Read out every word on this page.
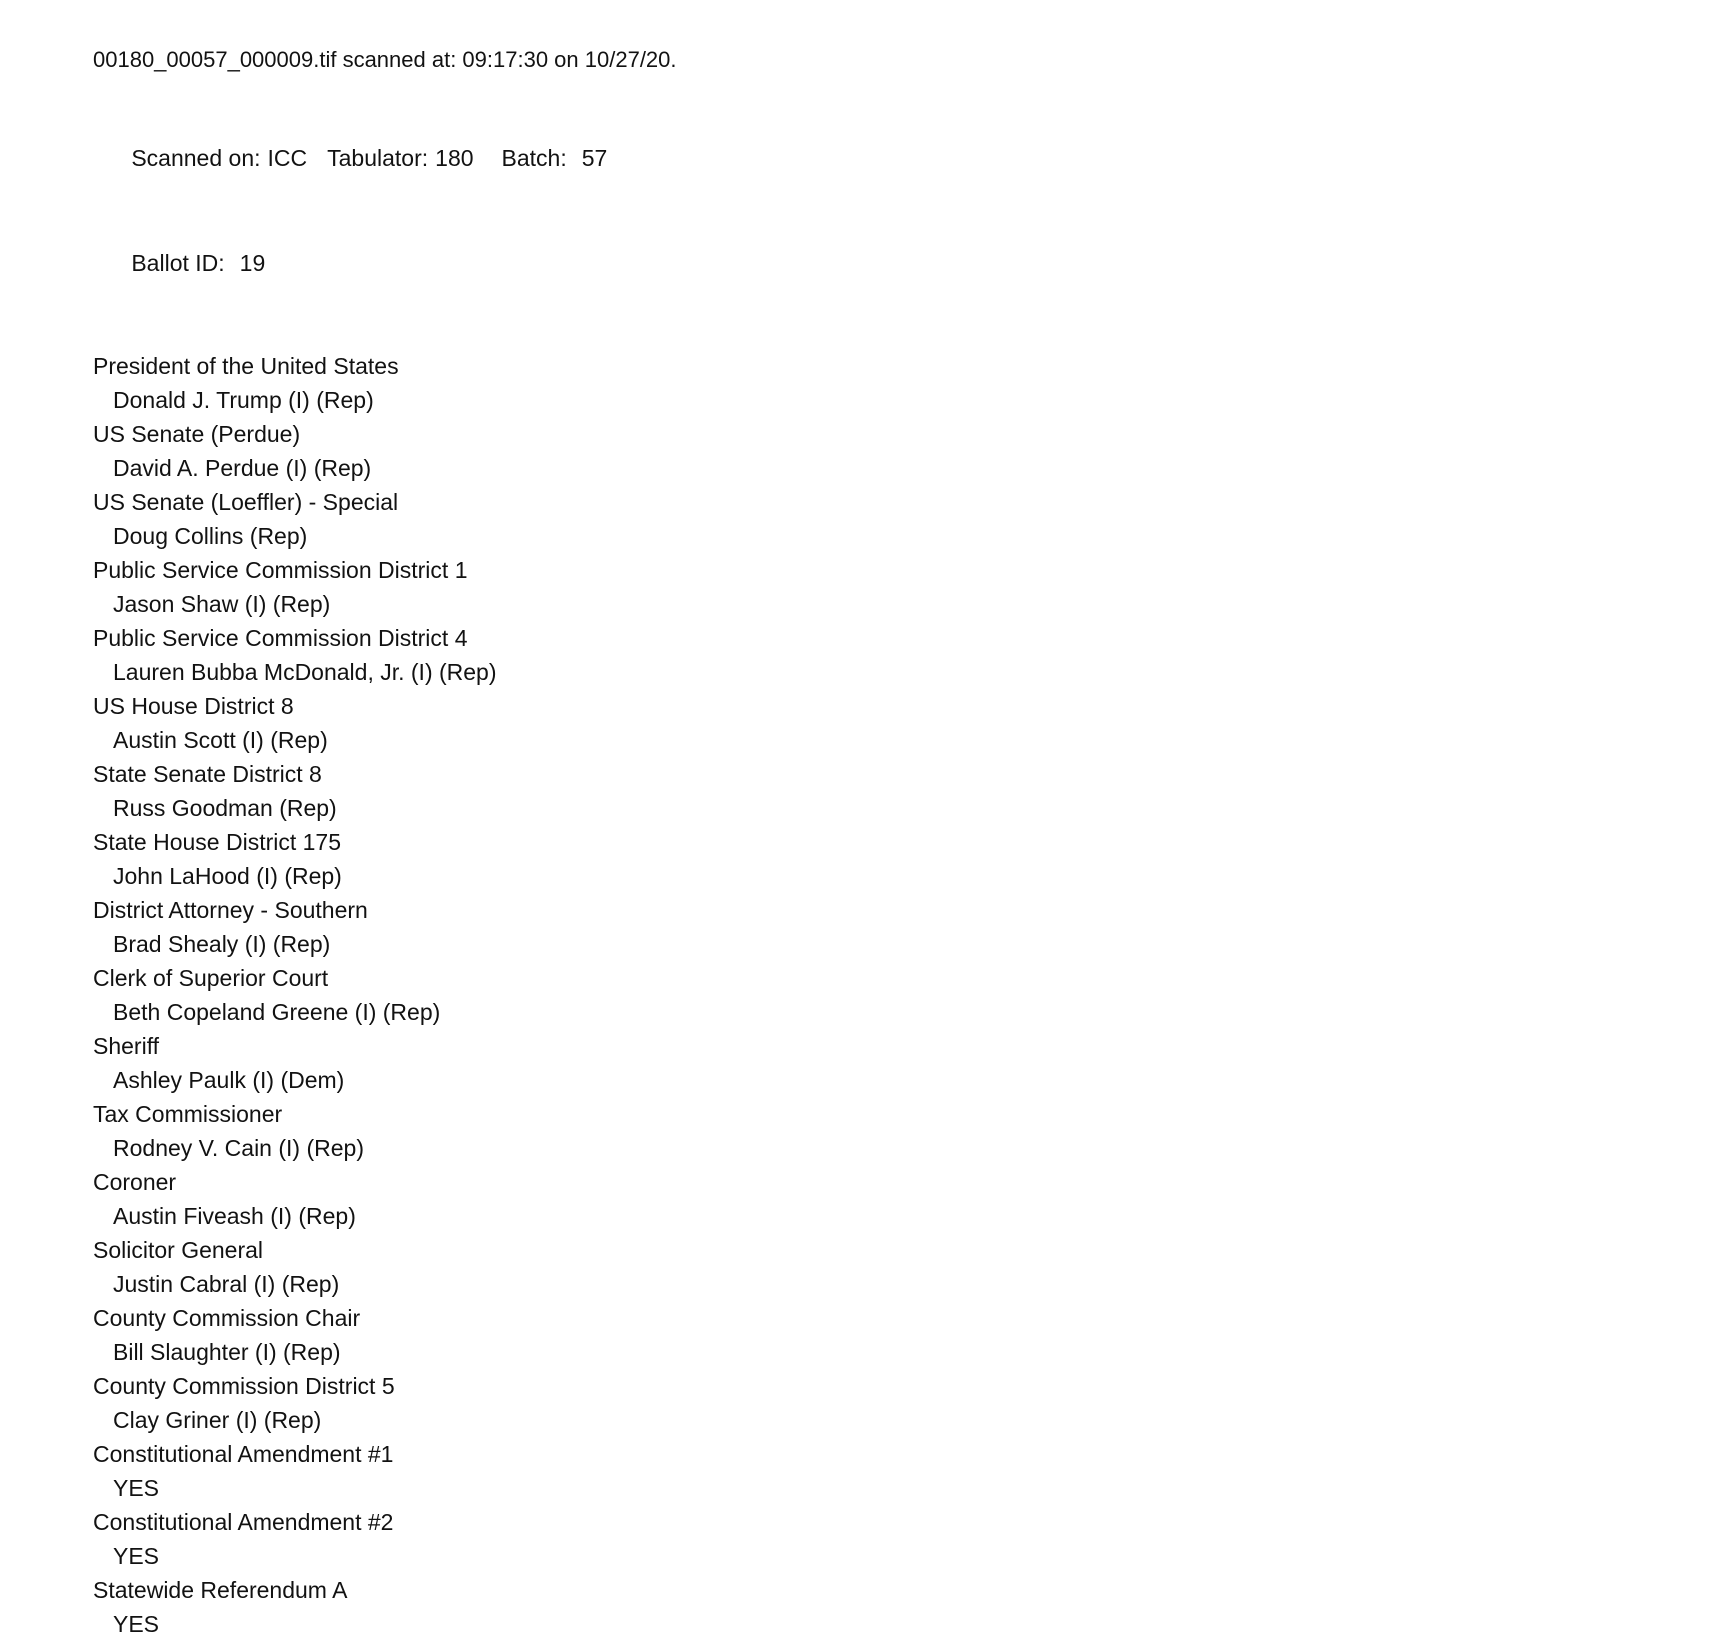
00180_00057_000009.tif scanned at: 09:17:30 on 10/27/20.

Scanned on: ICC Tabulator: 180 Batch: 57

Ballot ID: 19

President of the United States
Donald J. Trump (I) (Rep)
US Senate (Perdue)
David A. Perdue (I) (Rep)
US Senate (Loeffler) - Special
Doug Collins (Rep)
Public Service Commission District 1
Jason Shaw (I) (Rep)
Public Service Commission District 4
Lauren Bubba McDonald, Jr. (I) (Rep)
US House District 8
Austin Scott (I) (Rep)
State Senate District 8
Russ Goodman (Rep)
State House District 175
John LaHood (I) (Rep)
District Attorney - Southern
Brad Shealy (I) (Rep)
Clerk of Superior Court
Beth Copeland Greene (I) (Rep)
Sheriff
Ashley Paulk (I) (Dem)
Tax Commissioner
Rodney V. Cain (I) (Rep)
Coroner
Austin Fiveash (I) (Rep)
Solicitor General
Justin Cabral (I) (Rep)
County Commission Chair
Bill Slaughter (I) (Rep)
County Commission District 5
Clay Griner (I) (Rep)
Constitutional Amendment #1
YES
Constitutional Amendment #2
YES
Statewide Referendum A
YES
